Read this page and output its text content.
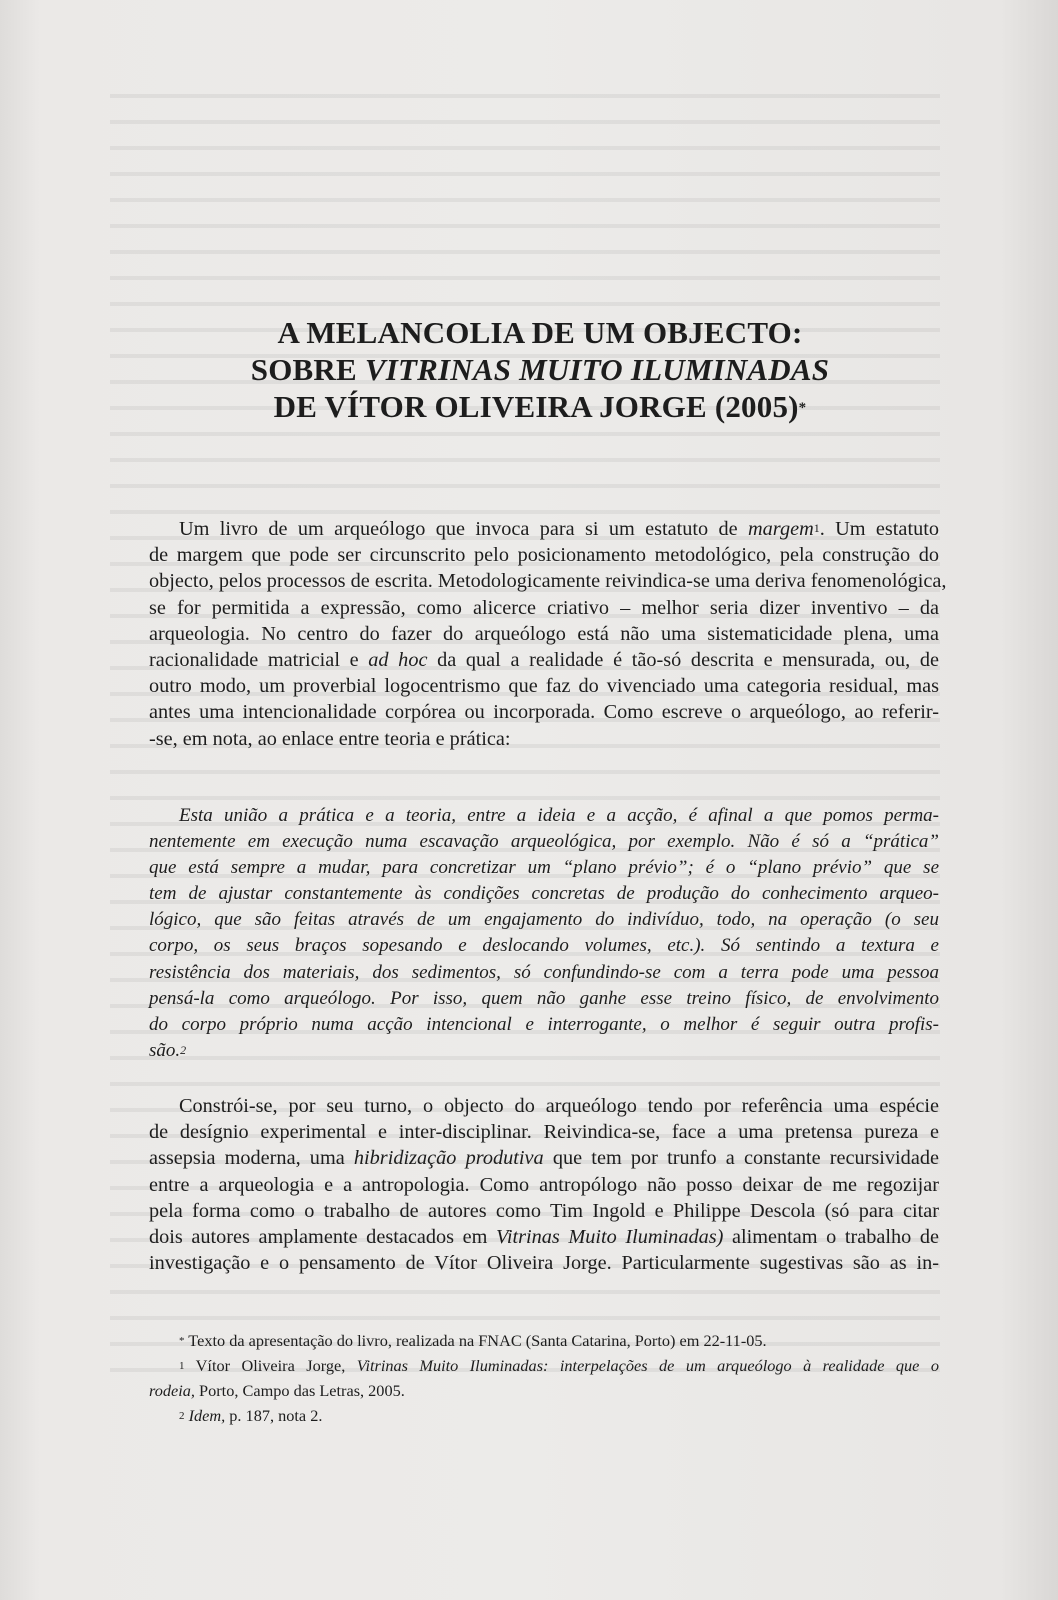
A MELANCOLIA DE UM OBJECTO:
SOBRE VITRINAS MUITO ILUMINADAS
DE VÍTOR OLIVEIRA JORGE (2005)*
Um livro de um arqueólogo que invoca para si um estatuto de margem$^1$. Um estatuto
de margem que pode ser circunscrito pelo posicionamento metodológico, pela construção do
objecto, pelos processos de escrita. Metodologicamente reivindica-se uma deriva fenomenológica,
se for permitida a expressão, como alicerce criativo – melhor seria dizer inventivo – da
arqueologia. No centro do fazer do arqueólogo está não uma sistematicidade plena, uma
racionalidade matricial e ad hoc da qual a realidade é tão-só descrita e mensurada, ou, de
outro modo, um proverbial logocentrismo que faz do vivenciado uma categoria residual, mas
antes uma intencionalidade corpórea ou incorporada. Como escreve o arqueólogo, ao referir-
-se, em nota, ao enlace entre teoria e prática:
Esta união a prática e a teoria, entre a ideia e a acção, é afinal a que pomos perma-
nentemente em execução numa escavação arqueológica, por exemplo. Não é só a “prática”
que está sempre a mudar, para concretizar um “plano prévio”; é o “plano prévio” que se
tem de ajustar constantemente às condições concretas de produção do conhecimento arqueo-
lógico, que são feitas através de um engajamento do indivíduo, todo, na operação (o seu
corpo, os seus braços sopesando e deslocando volumes, etc.). Só sentindo a textura e
resistência dos materiais, dos sedimentos, só confundindo-se com a terra pode uma pessoa
pensá-la como arqueólogo. Por isso, quem não ganhe esse treino físico, de envolvimento
do corpo próprio numa acção intencional e interrogante, o melhor é seguir outra profis-
são.$^2$
Constrói-se, por seu turno, o objecto do arqueólogo tendo por referência uma espécie
de desígnio experimental e inter-disciplinar. Reivindica-se, face a uma pretensa pureza e
assepsia moderna, uma hibridização produtiva que tem por trunfo a constante recursividade
entre a arqueologia e a antropologia. Como antropólogo não posso deixar de me regozijar
pela forma como o trabalho de autores como Tim Ingold e Philippe Descola (só para citar
dois autores amplamente destacados em Vitrinas Muito Iluminadas) alimentam o trabalho de
investigação e o pensamento de Vítor Oliveira Jorge. Particularmente sugestivas são as in-
* Texto da apresentação do livro, realizada na FNAC (Santa Catarina, Porto) em 22-11-05.
$^1$ Vítor Oliveira Jorge, Vitrinas Muito Iluminadas: interpelações de um arqueólogo à realidade que o
rodeia, Porto, Campo das Letras, 2005.
$^2$ Idem, p. 187, nota 2.
